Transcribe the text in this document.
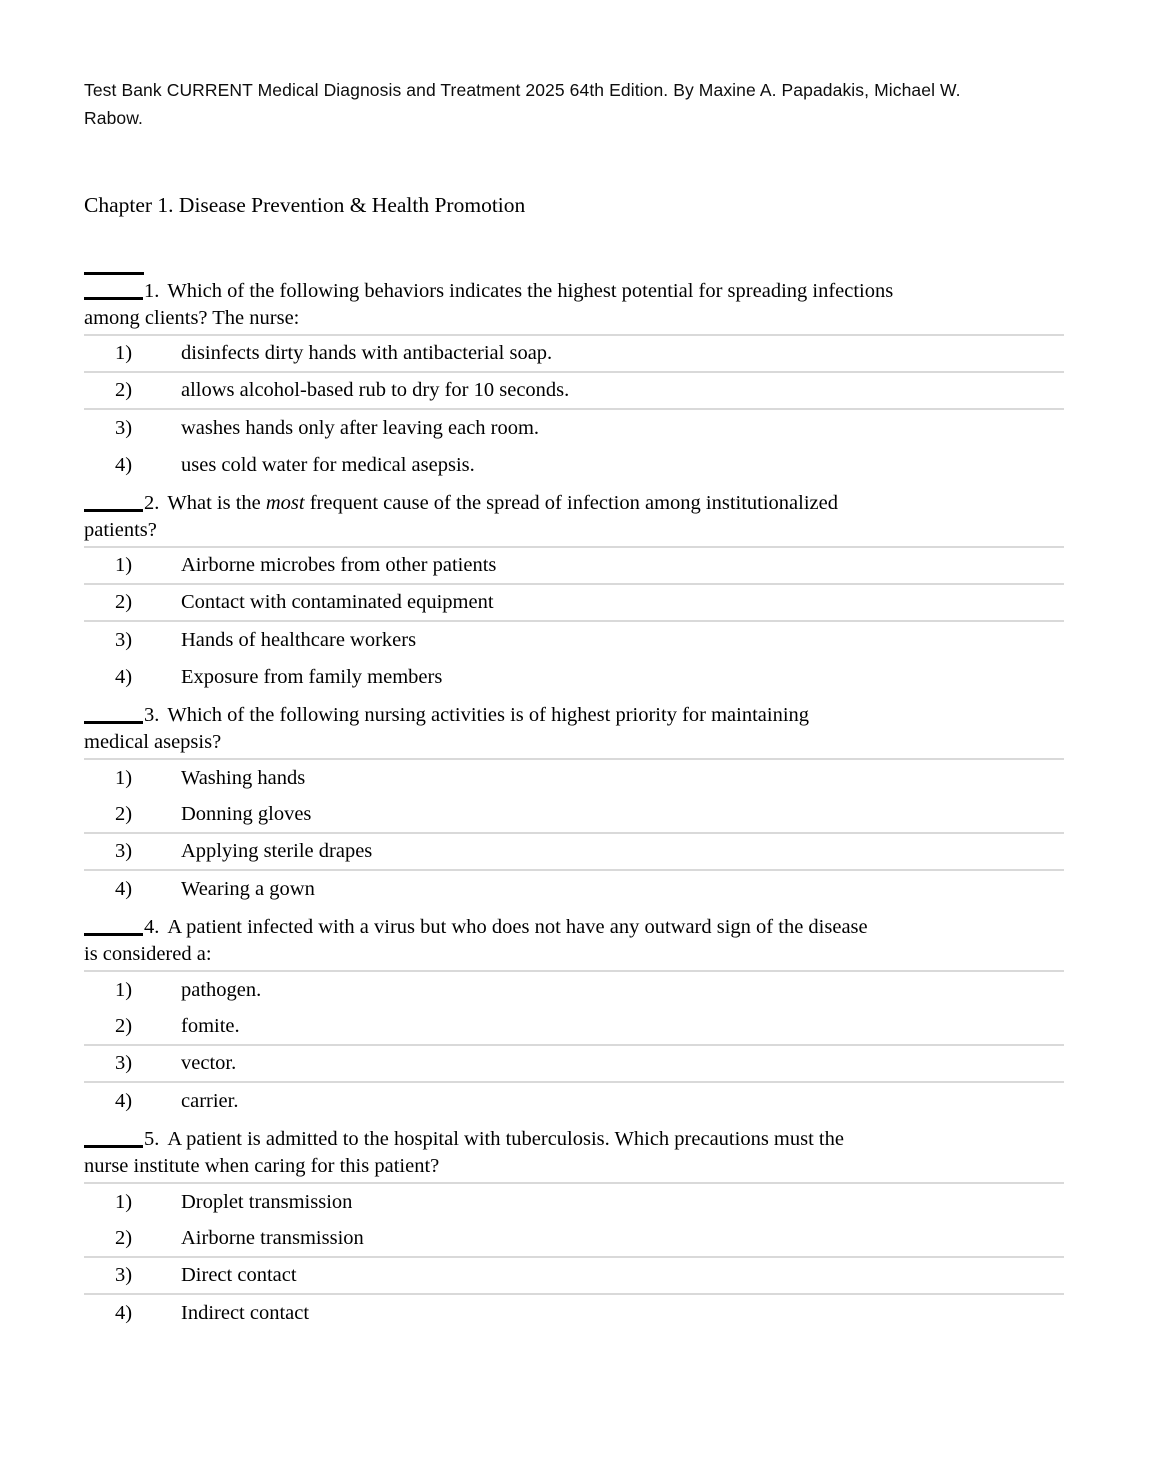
Test Bank CURRENT Medical Diagnosis and Treatment 2025 64th Edition. By Maxine A. Papadakis, Michael W.
Rabow.
Chapter 1. Disease Prevention & Health Promotion
1. Which of the following behaviors indicates the highest potential for spreading infections
among clients? The nurse:
1)	disinfects dirty hands with antibacterial soap.
2)	allows alcohol-based rub to dry for 10 seconds.
3)	washes hands only after leaving each room.
4)	uses cold water for medical asepsis.
2. What is the most frequent cause of the spread of infection among institutionalized
patients?
1)	Airborne microbes from other patients
2)	Contact with contaminated equipment
3)	Hands of healthcare workers
4)	Exposure from family members
3. Which of the following nursing activities is of highest priority for maintaining
medical asepsis?
1)	Washing hands
2)	Donning gloves
3)	Applying sterile drapes
4)	Wearing a gown
4. A patient infected with a virus but who does not have any outward sign of the disease
is considered a:
1)	pathogen.
2)	fomite.
3)	vector.
4)	carrier.
5. A patient is admitted to the hospital with tuberculosis. Which precautions must the
nurse institute when caring for this patient?
1)	Droplet transmission
2)	Airborne transmission
3)	Direct contact
4)	Indirect contact
